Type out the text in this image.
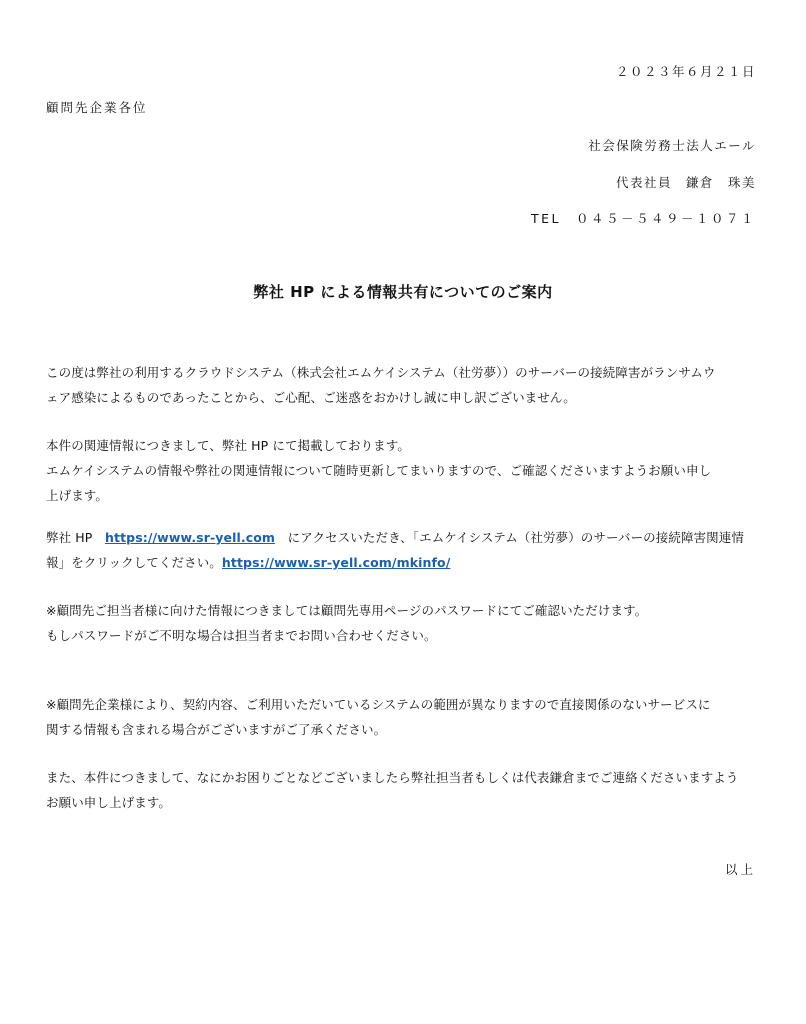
２０２３年６月２１日
顧問先企業各位
社会保険労務士法人エール
代表社員　鎌倉　珠美
TEL　０４５－５４９－１０７１
弊社 HP による情報共有についてのご案内
この度は弊社の利用するクラウドシステム（株式会社エムケイシステム（社労夢））のサーバーの接続障害がランサムウ
ェア感染によるものであったことから、ご心配、ご迷惑をおかけし誠に申し訳ございません。
本件の関連情報につきまして、弊社 HP にて掲載しております。
エムケイシステムの情報や弊社の関連情報について随時更新してまいりますので、ご確認くださいますようお願い申し
上げます。
弊社 HP　https://www.sr-yell.com　にアクセスいただき、「エムケイシステム（社労夢）のサーバーの接続障害関連情
報」をクリックしてください。https://www.sr-yell.com/mkinfo/
※顧問先ご担当者様に向けた情報につきましては顧問先専用ページのパスワードにてご確認いただけます。
もしパスワードがご不明な場合は担当者までお問い合わせください。
※顧問先企業様により、契約内容、ご利用いただいているシステムの範囲が異なりますので直接関係のないサービスに
関する情報も含まれる場合がございますがご了承ください。
また、本件につきまして、なにかお困りごとなどございましたら弊社担当者もしくは代表鎌倉までご連絡くださいますよう
お願い申し上げます。
以上
